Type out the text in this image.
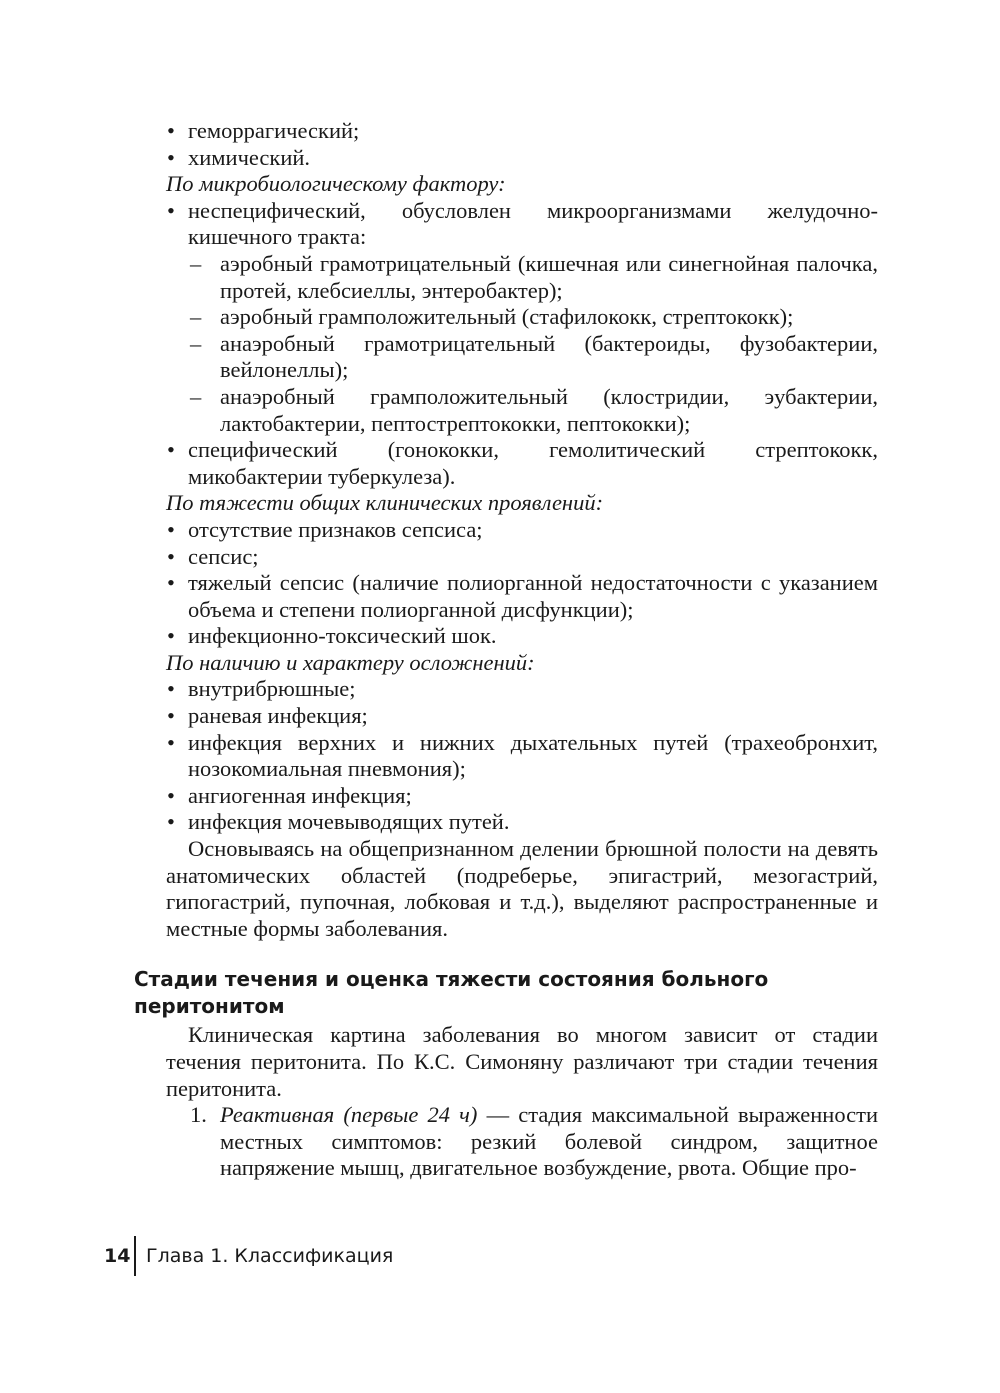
• геморрагический;

• химический.

По микробиологическому фактору:

• неспецифический, обусловлен микроорганизмами желудочно-кишечного тракта:

– аэробный грамотрицательный (кишечная или синегнойная палочка, протей, клебсиеллы, энтеробактер);

– аэробный грамположительный (стафилококк, стрептококк);

– анаэробный грамотрицательный (бактероиды, фузобактерии, вейлонеллы);

– анаэробный грамположительный (клостридии, эубактерии, лактобактерии, пептострептококки, пептококки);

• специфический (гонококки, гемолитический стрептококк, микобактерии туберкулеза).

По тяжести общих клинических проявлений:

• отсутствие признаков сепсиса;

• сепсис;

• тяжелый сепсис (наличие полиорганной недостаточности с указанием объема и степени полиорганной дисфункции);

• инфекционно-токсический шок.

По наличию и характеру осложнений:

• внутрибрюшные;

• раневая инфекция;

• инфекция верхних и нижних дыхательных путей (трахеобронхит, нозокомиальная пневмония);

• ангиогенная инфекция;

• инфекция мочевыводящих путей.

Основываясь на общепризнанном делении брюшной полости на девять анатомических областей (подреберье, эпигастрий, мезогастрий, гипогастрий, пупочная, лобковая и т.д.), выделяют распространенные и местные формы заболевания.

Стадии течения и оценка тяжести состояния больного перитонитом

Клиническая картина заболевания во многом зависит от стадии течения перитонита. По К.С. Симоняну различают три стадии течения перитонита.

1. Реактивная (первые 24 ч) — стадия максимальной выраженности местных симптомов: резкий болевой синдром, защитное напряжение мышц, двигательное возбуждение, рвота. Общие про-

14 Глава 1. Классификация
